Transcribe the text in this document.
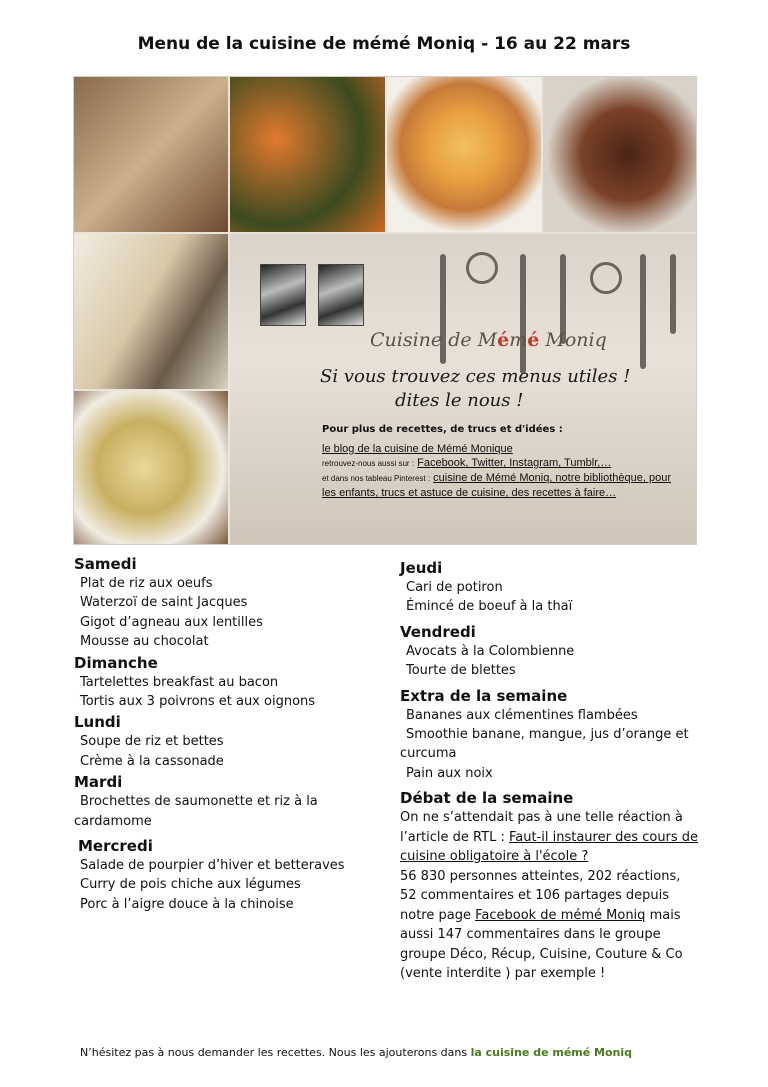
Menu de la cuisine de mémé Moniq - 16 au 22 mars
Cuisine de Mémé Moniq
Si vous trouvez ces menus utiles !
dites le nous !
Pour plus de recettes, de trucs et d'idées :
le blog de la cuisine de Mémé Monique
retrouvez-nous aussi sur : Facebook, Twitter, Instagram, Tumblr,…
et dans nos tableau Pinterest : cuisine de Mémé Moniq, notre bibliothèque, pour les enfants, trucs et astuce de cuisine, des recettes à faire…
Samedi
Plat de riz aux oeufs
Waterzoï de saint Jacques
Gigot d’agneau aux lentilles
Mousse au chocolat
Dimanche
Tartelettes breakfast au bacon
Tortis aux 3 poivrons et aux oignons
Lundi
Soupe de riz et bettes
Crème à la cassonade
Mardi
Brochettes de saumonette et riz à la cardamome
Mercredi
Salade de pourpier d’hiver et betteraves
Curry de pois chiche aux légumes
Porc à l’aigre douce à la chinoise
Jeudi
Cari de potiron
Émincé de boeuf à la thaï
Vendredi
Avocats à la Colombienne
Tourte de blettes
Extra de la semaine
Bananes aux clémentines flambées
Smoothie banane, mangue, jus d’orange et curcuma
Pain aux noix
Débat de la semaine
On ne s’attendait pas à une telle réaction à l’article de RTL : Faut-il instaurer des cours de cuisine obligatoire à l'école ?
56 830 personnes atteintes, 202 réactions, 52 commentaires et 106 partages depuis notre page Facebook de mémé Moniq mais aussi 147 commentaires dans le groupe groupe Déco, Récup, Cuisine, Couture & Co (vente interdite ) par exemple !
N’hésitez pas à nous demander les recettes. Nous les ajouterons dans la cuisine de mémé Moniq
